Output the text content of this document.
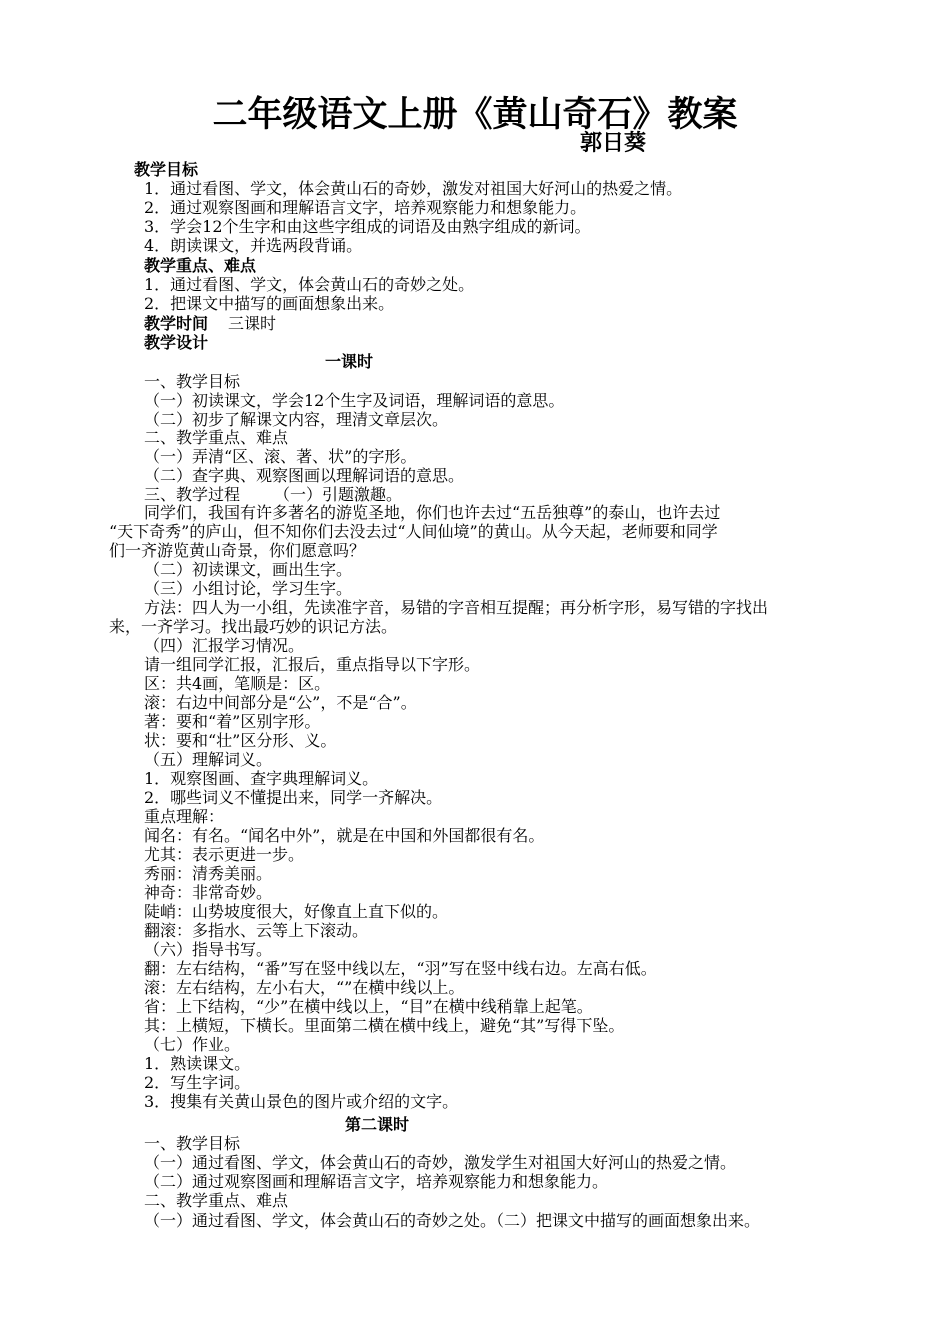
二年级语文上册《黄山奇石》教案
郭日葵
教学目标
1．通过看图、学文，体会黄山石的奇妙，激发对祖国大好河山的热爱之情。
2．通过观察图画和理解语言文字，培养观察能力和想象能力。
3．学会12个生字和由这些字组成的词语及由熟字组成的新词。
4．朗读课文，并选两段背诵。
教学重点、难点
1．通过看图、学文，体会黄山石的奇妙之处。
2．把课文中描写的画面想象出来。
教学时间 三课时
教学设计
一课时
一、教学目标
（一）初读课文，学会12个生字及词语，理解词语的意思。
（二）初步了解课文内容，理清文章层次。
二、教学重点、难点
（一）弄清“区、滚、著、状”的字形。
（二）查字典、观察图画以理解词语的意思。
三、教学过程 （一）引题激趣。
同学们，我国有许多著名的游览圣地，你们也许去过“五岳独尊”的泰山，也许去过
“天下奇秀”的庐山，但不知你们去没去过“人间仙境”的黄山。从今天起，老师要和同学
们一齐游览黄山奇景，你们愿意吗？
（二）初读课文，画出生字。
（三）小组讨论，学习生字。
方法：四人为一小组，先读准字音，易错的字音相互提醒；再分析字形，易写错的字找出
来，一齐学习。找出最巧妙的识记方法。
（四）汇报学习情况。
请一组同学汇报，汇报后，重点指导以下字形。
区：共4画，笔顺是：区。
滚：右边中间部分是“公”，不是“合”。
著：要和“着”区别字形。
状：要和“壮”区分形、义。
（五）理解词义。
1．观察图画、查字典理解词义。
2．哪些词义不懂提出来，同学一齐解决。
重点理解：
闻名：有名。“闻名中外”，就是在中国和外国都很有名。
尤其：表示更进一步。
秀丽：清秀美丽。
神奇：非常奇妙。
陡峭：山势坡度很大，好像直上直下似的。
翻滚：多指水、云等上下滚动。
（六）指导书写。
翻：左右结构，“番”写在竖中线以左，“羽”写在竖中线右边。左高右低。
滚：左右结构，左小右大，“”在横中线以上。
省：上下结构，“少”在横中线以上，“目”在横中线稍靠上起笔。
其：上横短，下横长。里面第二横在横中线上，避免“其”写得下坠。
（七）作业。
1．熟读课文。
2．写生字词。
3．搜集有关黄山景色的图片或介绍的文字。
第二课时
一、教学目标
（一）通过看图、学文，体会黄山石的奇妙，激发学生对祖国大好河山的热爱之情。
（二）通过观察图画和理解语言文字，培养观察能力和想象能力。
二、教学重点、难点
（一）通过看图、学文，体会黄山石的奇妙之处。（二）把课文中描写的画面想象出来。
